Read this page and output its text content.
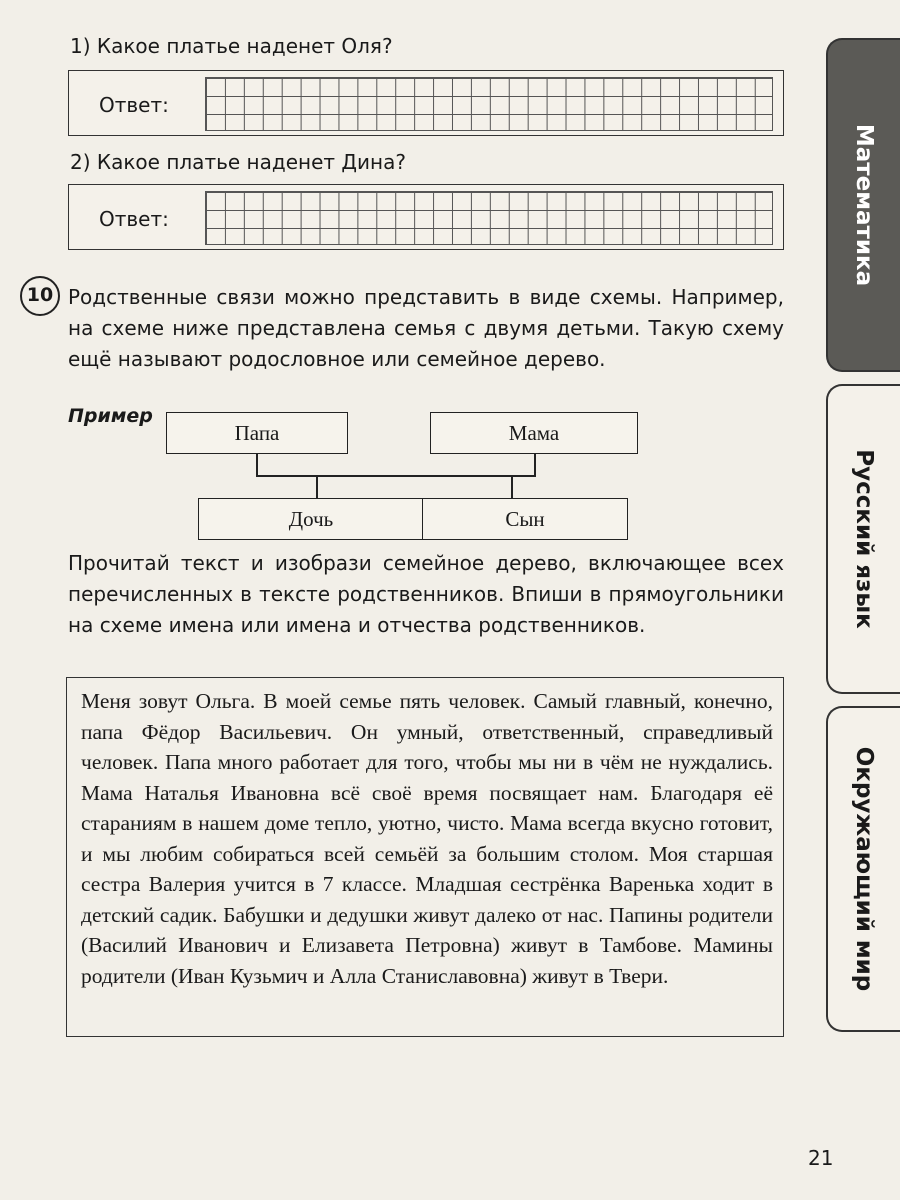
1) Какое платье наденет Оля?
Ответ:
2) Какое платье наденет Дина?
Ответ:
10 Родственные связи можно представить в виде схемы. Например, на схеме ниже представлена семья с двумя детьми. Такую схему ещё называют родословное или семейное дерево.

Пример
Папа	Мама
Дочь	Сын

Прочитай текст и изобрази семейное дерево, включающее всех перечисленных в тексте родственников. Впиши в прямоугольники на схеме имена или имена и отчества родственников.

Меня зовут Ольга. В моей семье пять человек. Самый главный, конечно, папа Фёдор Васильевич. Он умный, ответственный, справедливый человек. Папа много работает для того, чтобы мы ни в чём не нуждались. Мама Наталья Ивановна всё своё время посвящает нам. Благодаря её стараниям в нашем доме тепло, уютно, чисто. Мама всегда вкусно готовит, и мы любим собираться всей семьёй за большим столом. Моя старшая сестра Валерия учится в 7 классе. Младшая сестрёнка Варенька ходит в детский садик. Бабушки и дедушки живут далеко от нас. Папины родители (Василий Иванович и Елизавета Петровна) живут в Тамбове. Мамины родители (Иван Кузьмич и Алла Станиславовна) живут в Твери.

Математика
Русский язык
Окружающий мир
21
